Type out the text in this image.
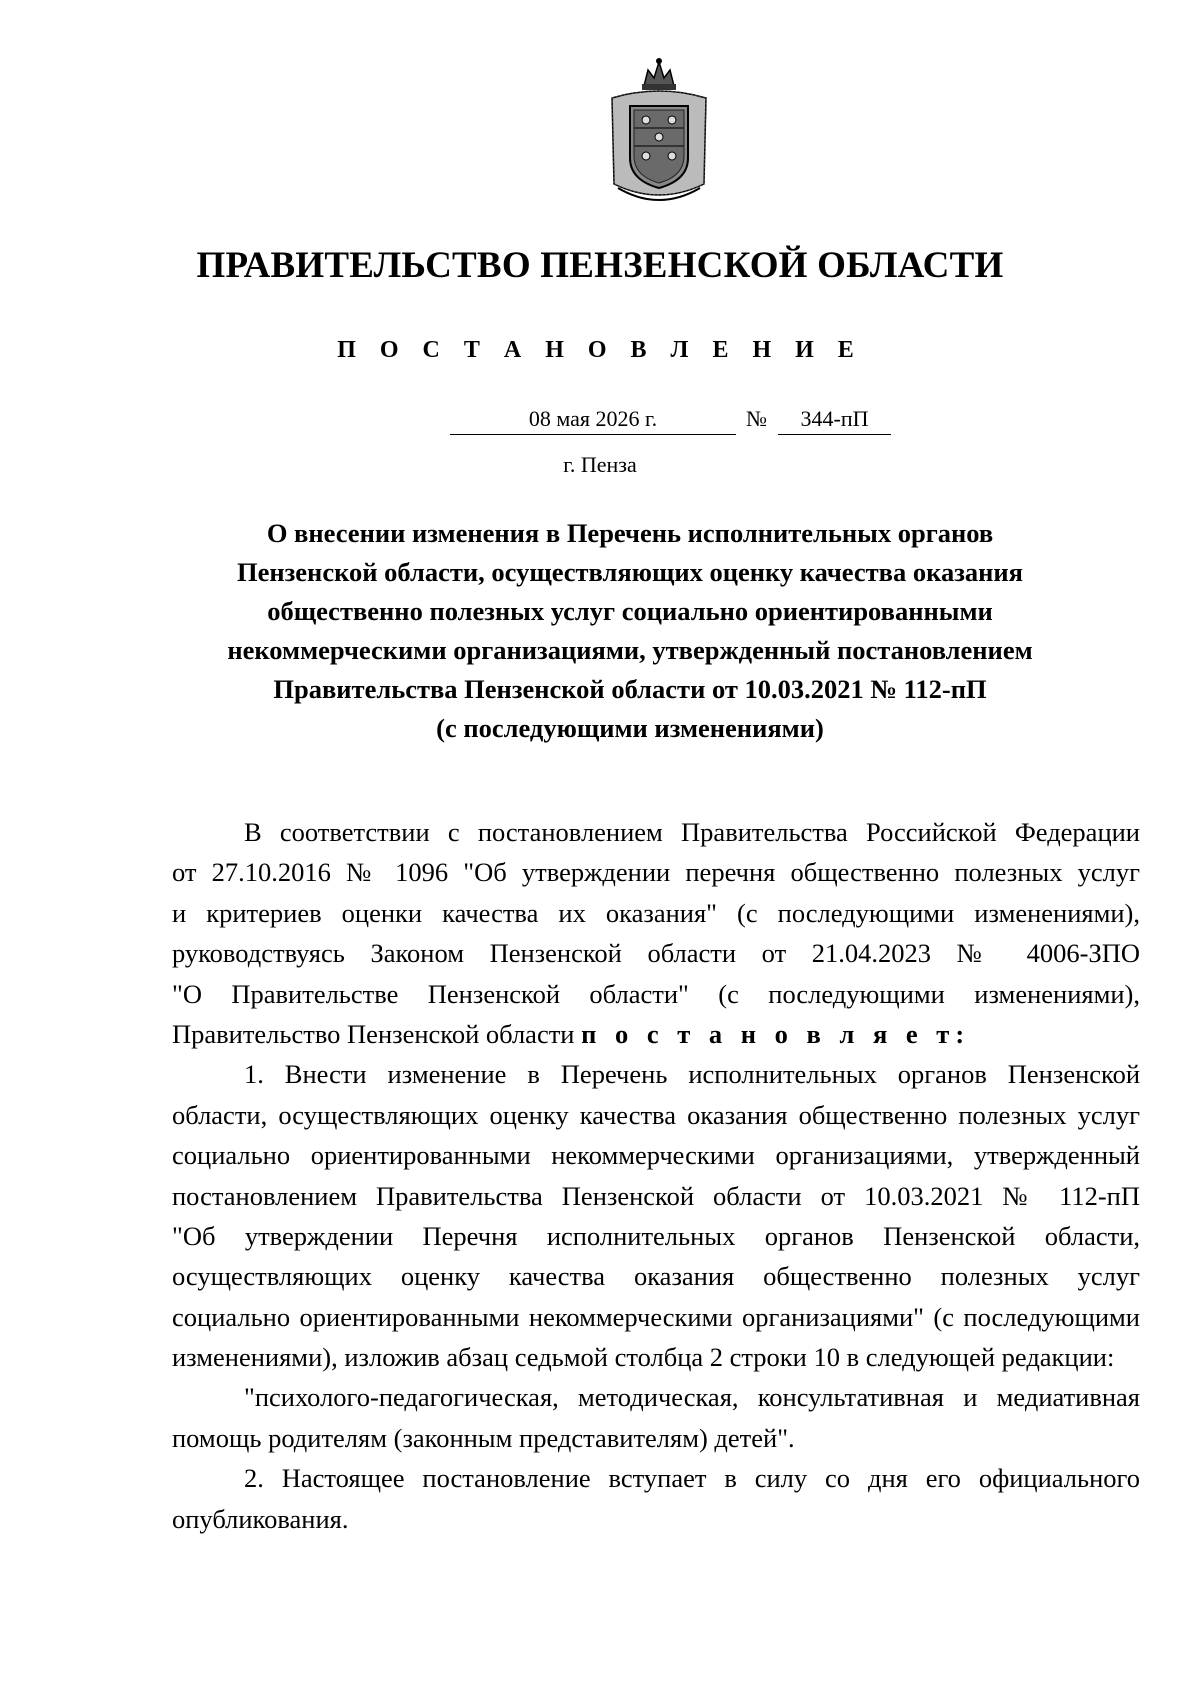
ПРАВИТЕЛЬСТВО ПЕНЗЕНСКОЙ ОБЛАСТИ
П О С Т А Н О В Л Е Н И Е
08 мая 2026 г.	№	344-пП
г. Пенза
О внесении изменения в Перечень исполнительных органов
Пензенской области, осуществляющих оценку качества оказания
общественно полезных услуг социально ориентированными
некоммерческими организациями, утвержденный постановлением
Правительства Пензенской области от 10.03.2021 № 112-пП
(с последующими изменениями)
В соответствии с постановлением Правительства Российской Федерации
от 27.10.2016 № 1096 "Об утверждении перечня общественно полезных услуг
и критериев оценки качества их оказания" (с последующими изменениями),
руководствуясь Законом Пензенской области от 21.04.2023 № 4006-ЗПО
"О Правительстве Пензенской области" (с последующими изменениями),
Правительство Пензенской области п о с т а н о в л я е т:
1. Внести изменение в Перечень исполнительных органов Пензенской
области, осуществляющих оценку качества оказания общественно полезных услуг
социально ориентированными некоммерческими организациями, утвержденный
постановлением Правительства Пензенской области от 10.03.2021 № 112-пП
"Об утверждении Перечня исполнительных органов Пензенской области,
осуществляющих оценку качества оказания общественно полезных услуг
социально ориентированными некоммерческими организациями" (с последующими
изменениями), изложив абзац седьмой столбца 2 строки 10 в следующей редакции:
"психолого-педагогическая, методическая, консультативная и медиативная
помощь родителям (законным представителям) детей".
2. Настоящее постановление вступает в силу со дня его официального
опубликования.
